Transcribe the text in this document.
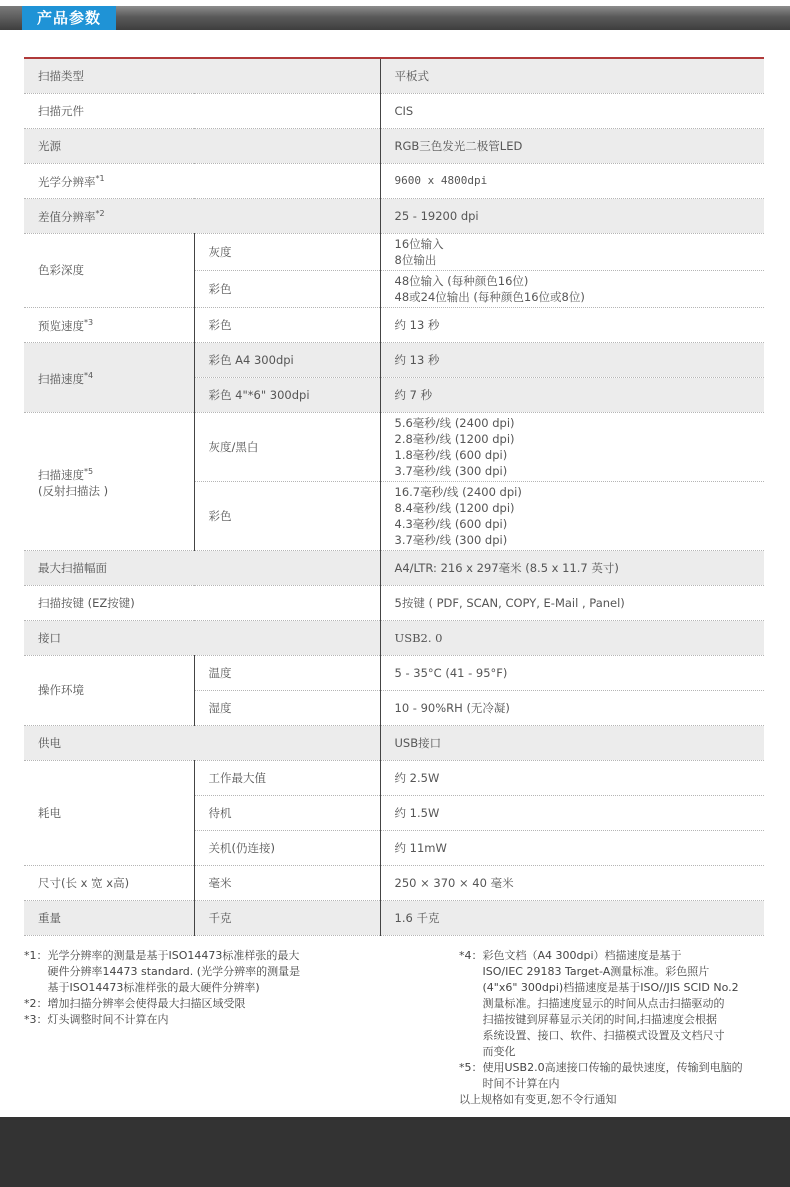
产品参数
扫描类型		平板式
扫描元件		CIS
光源		RGB三色发光二极管LED
光学分辨率$^{*1}$		9600 x 4800dpi
差值分辨率$^{*2}$		25 - 19200 dpi
色彩深度	灰度	16位输入
8位输出

	彩色	48位输入 (每种颜色16位)
48或24位输出 (每种颜色16位或8位)

预览速度$^{*3}$	彩色	约 13 秒
扫描速度$^{*4}$	彩色 A4 300dpi	约 13 秒
	彩色 4"*6" 300dpi	约 7 秒

扫描速度$^{*5}$
(反射扫描法 )	灰度/黑白	5.6毫秒/线 (2400 dpi)
2.8毫秒/线 (1200 dpi)
1.8毫秒/线 (600 dpi)
3.7毫秒/线 (300 dpi)

	彩色	16.7毫秒/线 (2400 dpi)
8.4毫秒/线 (1200 dpi)
4.3毫秒/线 (600 dpi)
3.7毫秒/线 (300 dpi)

最大扫描幅面		A4/LTR: 216 x 297毫米 (8.5 x 11.7 英寸)
扫描按键 (EZ按键)		5按键 ( PDF, SCAN, COPY, E-Mail , Panel)
接口		USB2. 0
操作环境	温度	5 - 35°C (41 - 95°F)
	湿度	10 - 90%RH (无冷凝)
供电		USB接口
耗电	工作最大值	约 2.5W
	待机	约 1.5W
	关机(仍连接)	约 11mW
尺寸(长 x 宽 x高)	毫米	250 × 370 × 40 毫米
重量	千克	1.6 千克
*1： 光学分辨率的测量是基于ISO14473标准样张的最大
硬件分辨率14473 standard. (光学分辨率的测量是
基于ISO14473标准样张的最大硬件分辨率)
*2： 增加扫描分辨率会使得最大扫描区域受限
*3： 灯头调整时间不计算在内
*4： 彩色文档（A4 300dpi）档描速度是基于
ISO/IEC 29183 Target-A测量标准。彩色照片
(4"x6" 300dpi)档描速度是基于ISO//JIS SCID No.2
测量标准。扫描速度显示的时间从点击扫描驱动的
扫描按键到屏幕显示关闭的时间,扫描速度会根据
系统设置、接口、软件、扫描模式设置及文档尺寸
而变化
*5： 使用USB2.0高速接口传输的最快速度，传输到电脑的
时间不计算在内
以上规格如有变更,恕不令行通知
